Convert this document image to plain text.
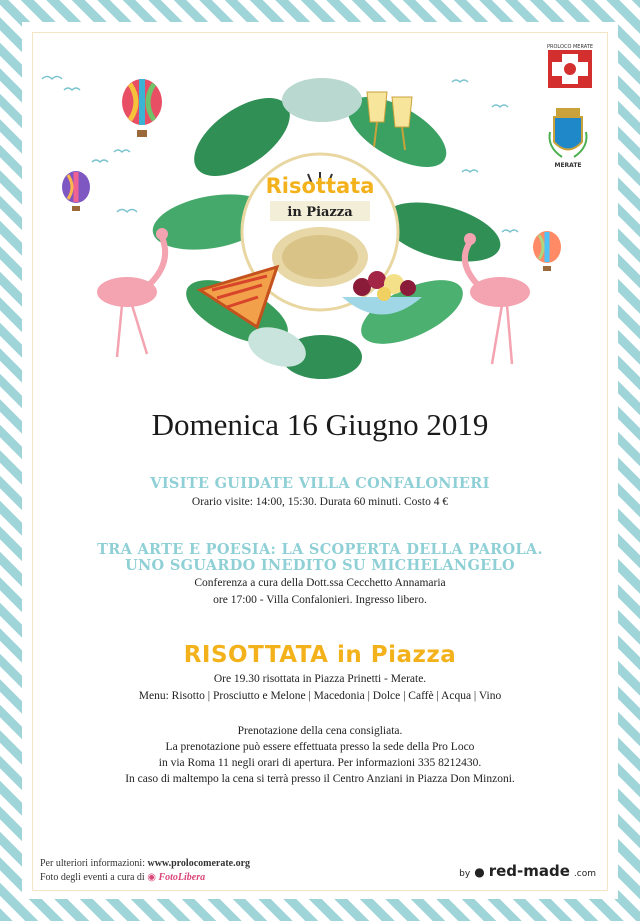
PROLOCO MERATE
MERATE
Risottata
in Piazza
Domenica 16 Giugno 2019
VISITE GUIDATE VILLA CONFALONIERI
Orario visite: 14:00, 15:30. Durata 60 minuti. Costo 4 €
TRA ARTE E POESIA: LA SCOPERTA DELLA PAROLA.
UNO SGUARDO INEDITO SU MICHELANGELO
Conferenza a cura della Dott.ssa Cecchetto Annamaria
ore 17:00 - Villa Confalonieri. Ingresso libero.
RISOTTATA in Piazza
Ore 19.30 risottata in Piazza Prinetti - Merate.
Menu: Risotto | Prosciutto e Melone | Macedonia | Dolce | Caffè | Acqua | Vino
Prenotazione della cena consigliata.
La prenotazione può essere effettuata presso la sede della Pro Loco
in via Roma 11 negli orari di apertura. Per informazioni 335 8212430.
In caso di maltempo la cena si terrà presso il Centro Anziani in Piazza Don Minzoni.
Per ulteriori informazioni: www.prolocomerate.org
Foto degli eventi a cura di ◉ FotoLibera	by ● red-made .com
